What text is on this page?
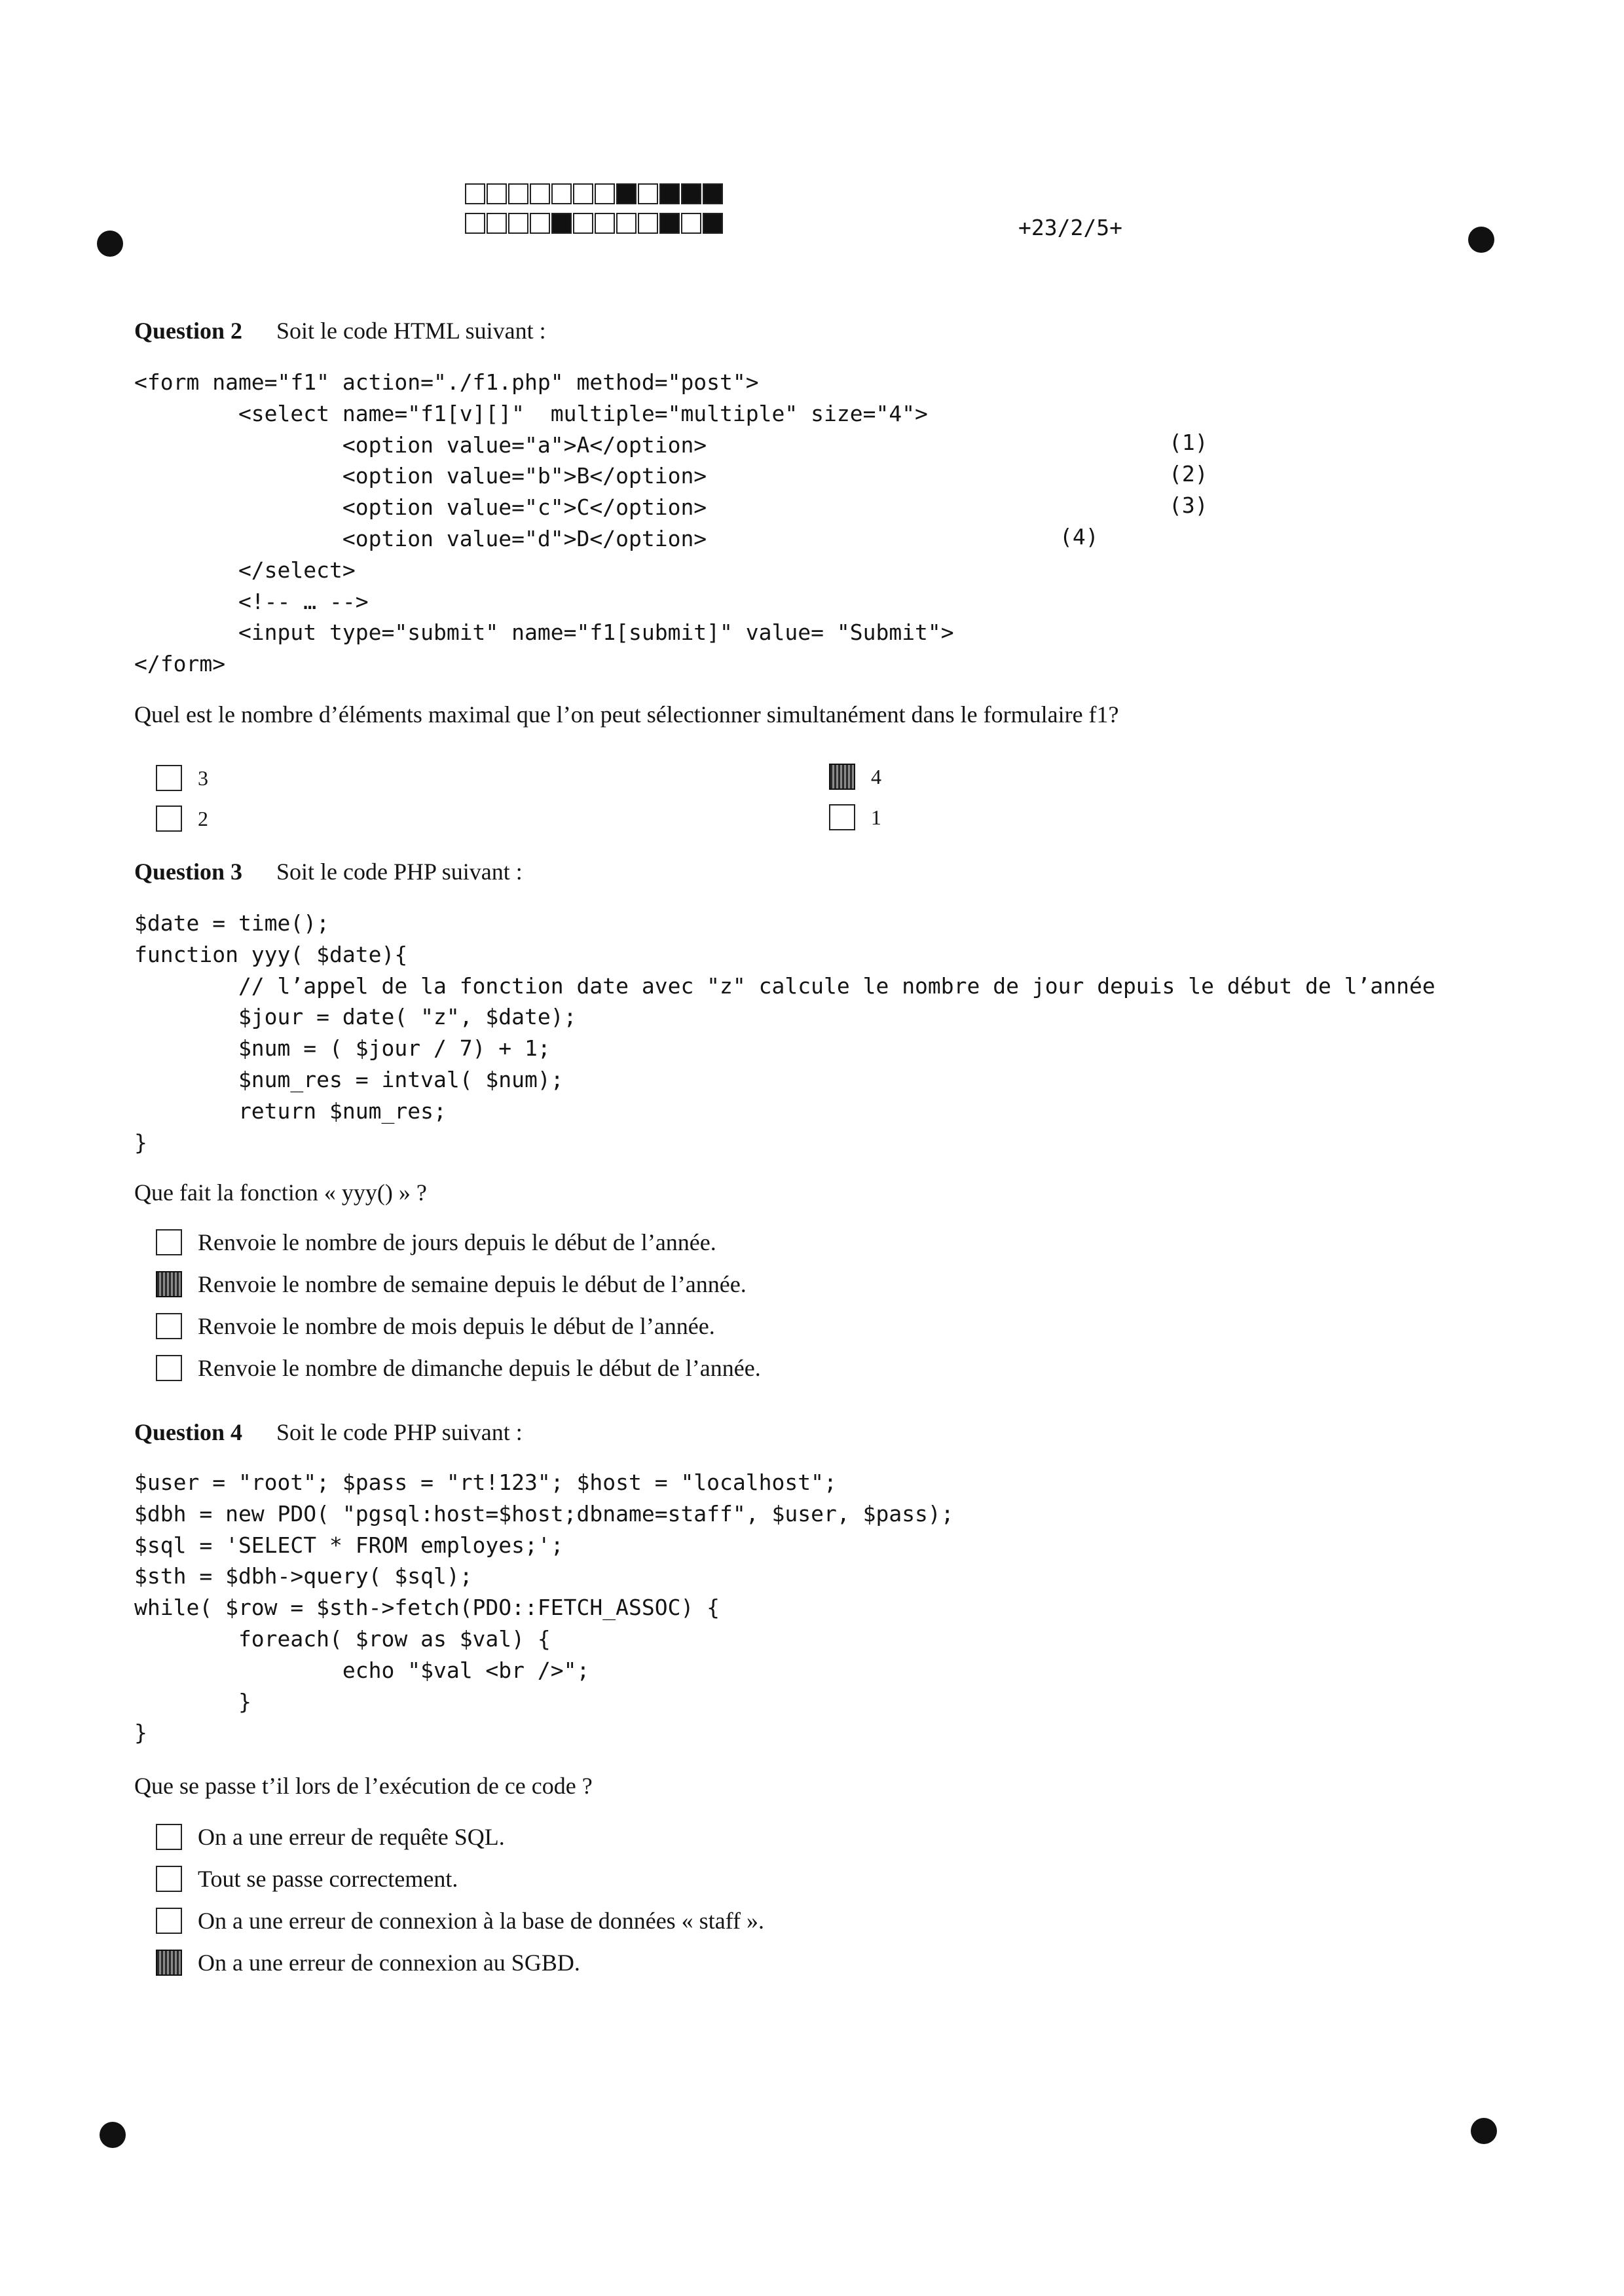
+23/2/5+
Question 2 Soit le code HTML suivant :
<form name="f1" action="./f1.php" method="post">
<select name="f1[v][]"  multiple="multiple" size="4">
<option value="a">A</option>
<option value="b">B</option>
<option value="c">C</option>
<option value="d">D</option>
</select>
<!-- … -->
<input type="submit" name="f1[submit]" value= "Submit">
</form>
(1)
(2)
(3)
(4)
Quel est le nombre d’éléments maximal que l’on peut sélectionner simultanément dans le formulaire f1?
3	4
2	1
Question 3 Soit le code PHP suivant :
$date = time();
function yyy( $date){
// l’appel de la fonction date avec "z" calcule le nombre de jour depuis le début de l’année
$jour = date( "z", $date);
$num = ( $jour / 7) + 1;
$num_res = intval( $num);
return $num_res;
}
Que fait la fonction « yyy() » ?
Renvoie le nombre de jours depuis le début de l’année.
Renvoie le nombre de semaine depuis le début de l’année.
Renvoie le nombre de mois depuis le début de l’année.
Renvoie le nombre de dimanche depuis le début de l’année.
Question 4 Soit le code PHP suivant :
$user = "root"; $pass = "rt!123"; $host = "localhost";
$dbh = new PDO( "pgsql:host=$host;dbname=staff", $user, $pass);
$sql = 'SELECT * FROM employes;';
$sth = $dbh->query( $sql);
while( $row = $sth->fetch(PDO::FETCH_ASSOC) {
foreach( $row as $val) {
echo "$val <br />";
}
}
Que se passe t’il lors de l’exécution de ce code ?
On a une erreur de requête SQL.
Tout se passe correctement.
On a une erreur de connexion à la base de données « staff ».
On a une erreur de connexion au SGBD.
